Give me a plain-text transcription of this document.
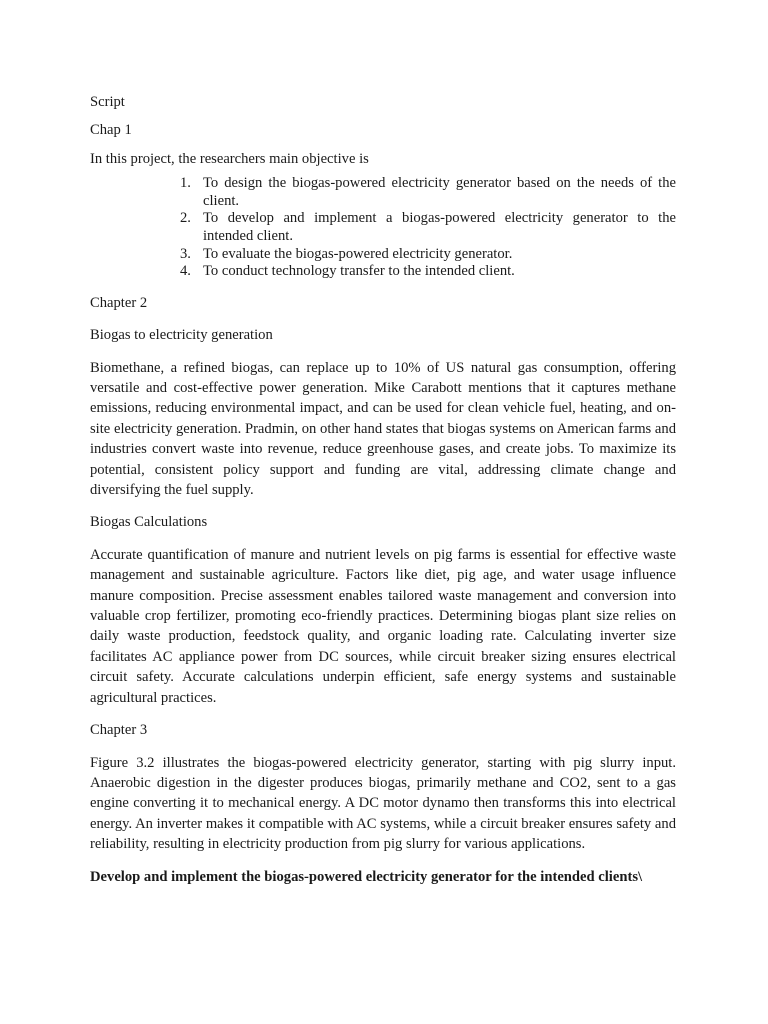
Script

Chap 1

In this project, the researchers main objective is

1. To design the biogas-powered electricity generator based on the needs of the client.
2. To develop and implement a biogas-powered electricity generator to the intended client.
3. To evaluate the biogas-powered electricity generator.
4. To conduct technology transfer to the intended client.

Chapter 2

Biogas to electricity generation

Biomethane, a refined biogas, can replace up to 10% of US natural gas consumption, offering versatile and cost-effective power generation. Mike Carabott mentions that it captures methane emissions, reducing environmental impact, and can be used for clean vehicle fuel, heating, and on-site electricity generation. Pradmin, on other hand states that biogas systems on American farms and industries convert waste into revenue, reduce greenhouse gases, and create jobs. To maximize its potential, consistent policy support and funding are vital, addressing climate change and diversifying the fuel supply.

Biogas Calculations

Accurate quantification of manure and nutrient levels on pig farms is essential for effective waste management and sustainable agriculture. Factors like diet, pig age, and water usage influence manure composition. Precise assessment enables tailored waste management and conversion into valuable crop fertilizer, promoting eco-friendly practices. Determining biogas plant size relies on daily waste production, feedstock quality, and organic loading rate. Calculating inverter size facilitates AC appliance power from DC sources, while circuit breaker sizing ensures electrical circuit safety. Accurate calculations underpin efficient, safe energy systems and sustainable agricultural practices.

Chapter 3

Figure 3.2 illustrates the biogas-powered electricity generator, starting with pig slurry input. Anaerobic digestion in the digester produces biogas, primarily methane and CO2, sent to a gas engine converting it to mechanical energy. A DC motor dynamo then transforms this into electrical energy. An inverter makes it compatible with AC systems, while a circuit breaker ensures safety and reliability, resulting in electricity production from pig slurry for various applications.

Develop and implement the biogas-powered electricity generator for the intended clients\
